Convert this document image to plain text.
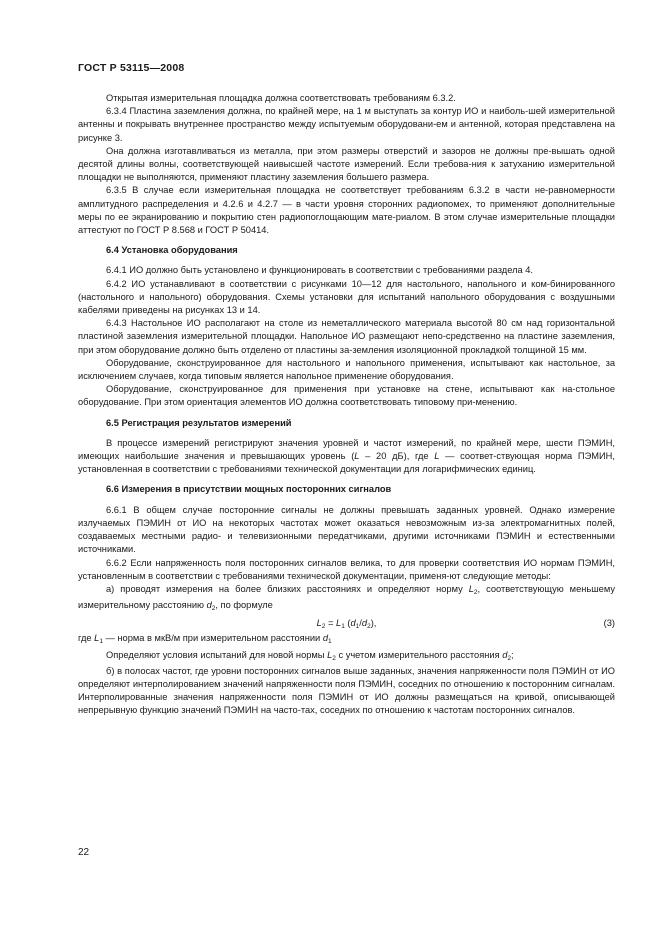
ГОСТ Р 53115—2008

Открытая измерительная площадка должна соответствовать требованиям 6.3.2.

6.3.4 Пластина заземления должна, по крайней мере, на 1 м выступать за контур ИО и наиболь-шей измерительной антенны и покрывать внутреннее пространство между испытуемым оборудовани-ем и антенной, которая представлена на рисунке 3.

Она должна изготавливаться из металла, при этом размеры отверстий и зазоров не должны пре-вышать одной десятой длины волны, соответствующей наивысшей частоте измерений. Если требова-ния к затуханию измерительной площадки не выполняются, применяют пластину заземления большего размера.

6.3.5 В случае если измерительная площадка не соответствует требованиям 6.3.2 в части не-равномерности амплитудного распределения и 4.2.6 и 4.2.7 — в части уровня сторонних радиопомех, то применяют дополнительные меры по ее экранированию и покрытию стен радиопоглощающим мате-риалом. В этом случае измерительные площадки аттестуют по ГОСТ Р 8.568 и ГОСТ Р 50414.

6.4 Установка оборудования

6.4.1 ИО должно быть установлено и функционировать в соответствии с требованиями раздела 4.

6.4.2 ИО устанавливают в соответствии с рисунками 10—12 для настольного, напольного и ком-бинированного (настольного и напольного) оборудования. Схемы установки для испытаний напольного оборудования с воздушными кабелями приведены на рисунках 13 и 14.

6.4.3 Настольное ИО располагают на столе из неметаллического материала высотой 80 см над горизонтальной пластиной заземления измерительной площадки. Напольное ИО размещают непо-средственно на пластине заземления, при этом оборудование должно быть отделено от пластины за-земления изоляционной прокладкой толщиной 15 мм.

Оборудование, сконструированное для настольного и напольного применения, испытывают как настольное, за исключением случаев, когда типовым является напольное применение оборудования.

Оборудование, сконструированное для применения при установке на стене, испытывают как на-стольное оборудование. При этом ориентация элементов ИО должна соответствовать типовому при-менению.

6.5 Регистрация результатов измерений

В процессе измерений регистрируют значения уровней и частот измерений, по крайней мере, шести ПЭМИН, имеющих наибольшие значения и превышающих уровень (L – 20 дБ), где L — соответ-ствующая норма ПЭМИН, установленная в соответствии с требованиями технической документации для логарифмических единиц.

6.6 Измерения в присутствии мощных посторонних сигналов

6.6.1 В общем случае посторонние сигналы не должны превышать заданных уровней. Однако измерение излучаемых ПЭМИН от ИО на некоторых частотах может оказаться невозможным из-за электромагнитных полей, создаваемых местными радио- и телевизионными передатчиками, другими источниками ПЭМИН и естественными источниками.

6.6.2 Если напряженность поля посторонних сигналов велика, то для проверки соответствия ИО нормам ПЭМИН, установленным в соответствии с требованиями технической документации, применя-ют следующие методы:

а) проводят измерения на более близких расстояниях и определяют норму $L_2$, соответствующую меньшему измерительному расстоянию $d_2$, по формуле

$L_2 = L_1$ $(d_1/d_2)$,	(3)

где $L_1$ — норма в мкВ/м при измерительном расстоянии $d_1$

Определяют условия испытаний для новой нормы $L_2$ с учетом измерительного расстояния $d_2$;

б) в полосах частот, где уровни посторонних сигналов выше заданных, значения напряженности поля ПЭМИН от ИО определяют интерполированием значений напряженности поля ПЭМИН, соседних по отношению к посторонним сигналам. Интерполированные значения напряженности поля ПЭМИН от ИО должны размещаться на кривой, описывающей непрерывную функцию значений ПЭМИН на часто-тах, соседних по отношению к частотам посторонних сигналов.

22
